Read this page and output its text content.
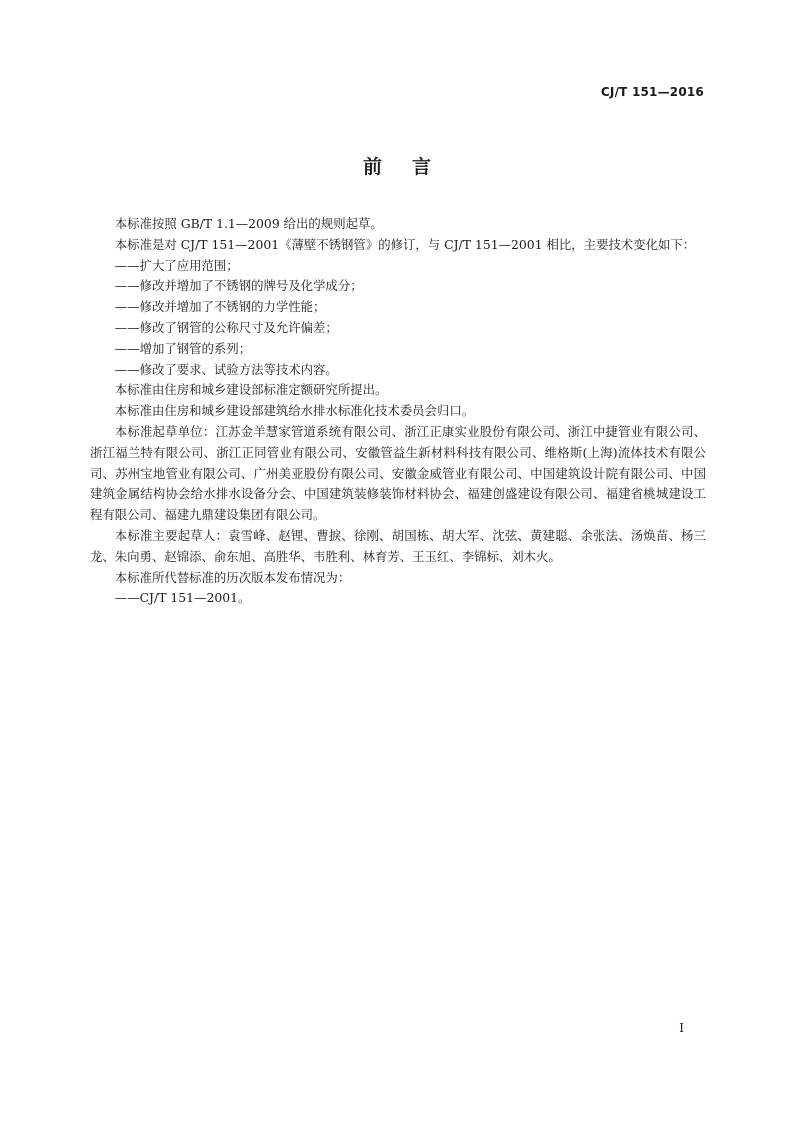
CJ/T 151—2016
前言

本标准按照 GB/T 1.1—2009 给出的规则起草。

本标准是对 CJ/T 151—2001《薄壁不锈钢管》的修订，与 CJ/T 151—2001 相比，主要技术变化如下：

——扩大了应用范围；

——修改并增加了不锈钢的牌号及化学成分；

——修改并增加了不锈钢的力学性能；

——修改了钢管的公称尺寸及允许偏差；

——增加了钢管的系列；

——修改了要求、试验方法等技术内容。

本标准由住房和城乡建设部标准定额研究所提出。

本标准由住房和城乡建设部建筑给水排水标准化技术委员会归口。

本标准起草单位：江苏金羊慧家管道系统有限公司、浙江正康实业股份有限公司、浙江中捷管业有限公司、浙江福兰特有限公司、浙江正同管业有限公司、安徽管益生新材料科技有限公司、维格斯(上海)流体技术有限公司、苏州宝地管业有限公司、广州美亚股份有限公司、安徽金威管业有限公司、中国建筑设计院有限公司、中国建筑金属结构协会给水排水设备分会、中国建筑装修装饰材料协会、福建创盛建设有限公司、福建省桃城建设工程有限公司、福建九鼎建设集团有限公司。

本标准主要起草人：袁雪峰、赵锂、曹捩、徐刚、胡国栋、胡大军、沈弦、黄建聪、余张法、汤焕苗、杨三龙、朱向勇、赵锦添、俞东旭、高胜华、韦胜利、林育芳、王玉红、李锦标、刘木火。

本标准所代替标准的历次版本发布情况为：

——CJ/T 151—2001。

I
